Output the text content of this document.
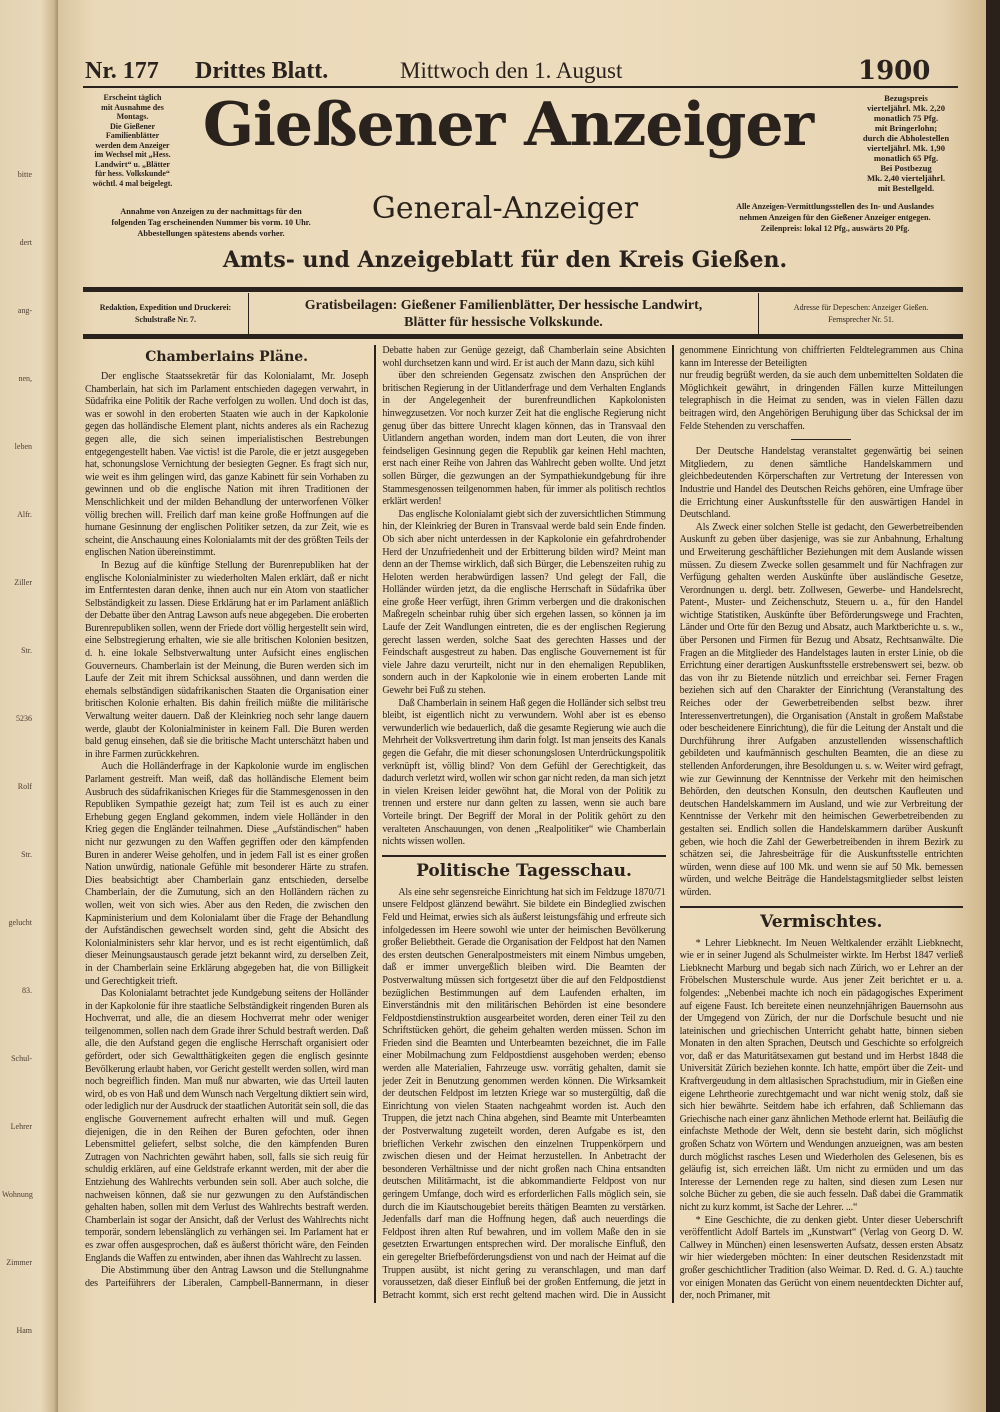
bitte
dert
ang-
nen,
leben
Alfr.
Ziller
Str.
5236
Rolf
Str.
gelucht
83.
Schul-
Lehrer
Wohnung
Zimmer
Ham
Nr. 177 Drittes Blatt.	Mittwoch den 1. August	1900
Erscheint täglich
mit Ausnahme des
Montags.
Die Gießener
Familienblätter
werden dem Anzeiger
im Wechsel mit „Hess.
Landwirt“ u. „Blätter
für hess. Volkskunde“
wöchtl. 4 mal beigelegt.
Annahme von Anzeigen zu der nachmittags für den
folgenden Tag erscheinenden Nummer bis vorm. 10 Uhr.
Abbestellungen spätestens abends vorher.
Gießener Anzeiger
General-Anzeiger
Bezugspreis
vierteljährl. Mk. 2,20
monatlich 75 Pfg.
mit Bringerlohn;
durch die Abholestellen
vierteljährl. Mk. 1,90
monatlich 65 Pfg.
Bei Postbezug
Mk. 2,40 vierteljährl.
mit Bestellgeld.
Alle Anzeigen-Vermittlungsstellen des In- und Auslandes
nehmen Anzeigen für den Gießener Anzeiger entgegen.
Zeilenpreis: lokal 12 Pfg., auswärts 20 Pfg.
Amts- und Anzeigeblatt für den Kreis Gießen.
Redaktion, Expedition und Druckerei:
Schulstraße Nr. 7.
Gratisbeilagen: Gießener Familienblätter, Der hessische Landwirt,
Blätter für hessische Volkskunde.
Adresse für Depeschen: Anzeiger Gießen.
Fernsprecher Nr. 51.
Chamberlains Pläne.

Der englische Staatssekretär für das Kolonialamt, Mr. Joseph Chamberlain, hat sich im Parlament entschieden dagegen verwahrt, in Südafrika eine Politik der Rache verfolgen zu wollen. Und doch ist das, was er sowohl in den eroberten Staaten wie auch in der Kapkolonie gegen das holländische Element plant, nichts anderes als ein Rachezug gegen alle, die sich seinen imperialistischen Bestrebungen entgegengestellt haben. Vae victis! ist die Parole, die er jetzt ausgegeben hat, schonungslose Vernichtung der besiegten Gegner. Es fragt sich nur, wie weit es ihm gelingen wird, das ganze Kabinett für sein Vorhaben zu gewinnen und ob die englische Nation mit ihren Traditionen der Menschlichkeit und der milden Behandlung der unterworfenen Völker völlig brechen will. Freilich darf man keine große Hoffnungen auf die humane Gesinnung der englischen Politiker setzen, da zur Zeit, wie es scheint, die Anschauung eines Kolonialamts mit der des größten Teils der englischen Nation übereinstimmt.

In Bezug auf die künftige Stellung der Burenrepubliken hat der englische Kolonialminister zu wiederholten Malen erklärt, daß er nicht im Entferntesten daran denke, ihnen auch nur ein Atom von staatlicher Selbständigkeit zu lassen. Diese Erklärung hat er im Parlament anläßlich der Debatte über den Antrag Lawson aufs neue abgegeben. Die eroberten Burenrepubliken sollen, wenn der Friede dort völlig hergestellt sein wird, eine Selbstregierung erhalten, wie sie alle britischen Kolonien besitzen, d. h. eine lokale Selbstverwaltung unter Aufsicht eines englischen Gouverneurs. Chamberlain ist der Meinung, die Buren werden sich im Laufe der Zeit mit ihrem Schicksal aussöhnen, und dann werden die ehemals selbständigen südafrikanischen Staaten die Organisation einer britischen Kolonie erhalten. Bis dahin freilich müßte die militärische Verwaltung weiter dauern. Daß der Kleinkrieg noch sehr lange dauern werde, glaubt der Kolonialminister in keinem Fall. Die Buren werden bald genug einsehen, daß sie die britische Macht unterschätzt haben und in ihre Farmen zurückkehren.

Auch die Holländerfrage in der Kapkolonie wurde im englischen Parlament gestreift. Man weiß, daß das holländische Element beim Ausbruch des südafrikanischen Krieges für die Stammesgenossen in den Republiken Sympathie gezeigt hat; zum Teil ist es auch zu einer Erhebung gegen England gekommen, indem viele Holländer in den Krieg gegen die Engländer teilnahmen. Diese „Aufständischen“ haben nicht nur gezwungen zu den Waffen gegriffen oder den kämpfenden Buren in anderer Weise geholfen, und in jedem Fall ist es einer großen Nation unwürdig, nationale Gefühle mit besonderer Härte zu strafen. Dies beabsichtigt aber Chamberlain ganz entschieden, derselbe Chamberlain, der die Zumutung, sich an den Holländern rächen zu wollen, weit von sich wies. Aber aus den Reden, die zwischen den Kapministerium und dem Kolonialamt über die Frage der Behandlung der Aufständischen gewechselt worden sind, geht die Absicht des Kolonialministers sehr klar hervor, und es ist recht eigentümlich, daß dieser Meinungsaustausch gerade jetzt bekannt wird, zu derselben Zeit, in der Chamberlain seine Erklärung abgegeben hat, die von Billigkeit und Gerechtigkeit trieft.

Das Kolonialamt betrachtet jede Kundgebung seitens der Holländer in der Kapkolonie für ihre staatliche Selbständigkeit ringenden Buren als Hochverrat, und alle, die an diesem Hochverrat mehr oder weniger teilgenommen, sollen nach dem Grade ihrer Schuld bestraft werden. Daß alle, die den Aufstand gegen die englische Herrschaft organisiert oder gefördert, oder sich Gewaltthätigkeiten gegen die englisch gesinnte Bevölkerung erlaubt haben, vor Gericht gestellt werden sollen, wird man noch begreiflich finden. Man muß nur abwarten, wie das Urteil lauten wird, ob es von Haß und dem Wunsch nach Vergeltung diktiert sein wird, oder lediglich nur der Ausdruck der staatlichen Autorität sein soll, die das englische Gouvernement aufrecht erhalten will und muß. Gegen diejenigen, die in den Reihen der Buren gefochten, oder ihnen Lebensmittel geliefert, selbst solche, die den kämpfenden Buren Zutragen von Nachrichten gewährt haben, soll, falls sie sich reuig für schuldig erklären, auf eine Geldstrafe erkannt werden, mit der aber die Entziehung des Wahlrechts verbunden sein soll. Aber auch solche, die nachweisen können, daß sie nur gezwungen zu den Aufständischen gehalten haben, sollen mit dem Verlust des Wahlrechts bestraft werden. Chamberlain ist sogar der Ansicht, daß der Verlust des Wahlrechts nicht temporär, sondern lebenslänglich zu verhängen sei. Im Parlament hat er es zwar offen ausgesprochen, daß es äußerst thöricht wäre, den Feinden Englands die Waffen zu entwinden, aber ihnen das Wahlrecht zu lassen.

Die Abstimmung über den Antrag Lawson und die Stellungnahme des Parteiführers der Liberalen, Campbell-Bannermann, in dieser Debatte haben zur Genüge gezeigt, daß Chamberlain seine Absichten wohl durchsetzen kann und wird. Er ist auch der Mann dazu, sich kühl

über den schreienden Gegensatz zwischen den Ansprüchen der britischen Regierung in der Uitlanderfrage und dem Verhalten Englands in der Angelegenheit der burenfreundlichen Kapkolonisten hinwegzusetzen. Vor noch kurzer Zeit hat die englische Regierung nicht genug über das bittere Unrecht klagen können, das in Transvaal den Uitlandern angethan worden, indem man dort Leuten, die von ihrer feindseligen Gesinnung gegen die Republik gar keinen Hehl machten, erst nach einer Reihe von Jahren das Wahlrecht geben wollte. Und jetzt sollen Bürger, die gezwungen an der Sympathiekundgebung für ihre Stammesgenossen teilgenommen haben, für immer als politisch rechtlos erklärt werden!

Das englische Kolonialamt giebt sich der zuversichtlichen Stimmung hin, der Kleinkrieg der Buren in Transvaal werde bald sein Ende finden. Ob sich aber nicht unterdessen in der Kapkolonie ein gefahrdrohender Herd der Unzufriedenheit und der Erbitterung bilden wird? Meint man denn an der Themse wirklich, daß sich Bürger, die Lebenszeiten ruhig zu Heloten werden herabwürdigen lassen? Und gelegt der Fall, die Holländer würden jetzt, da die englische Herrschaft in Südafrika über eine große Heer verfügt, ihren Grimm verbergen und die drakonischen Maßregeln scheinbar ruhig über sich ergehen lassen, so können ja im Laufe der Zeit Wandlungen eintreten, die es der englischen Regierung gerecht lassen werden, solche Saat des gerechten Hasses und der Feindschaft ausgestreut zu haben. Das englische Gouvernement ist für viele Jahre dazu verurteilt, nicht nur in den ehemaligen Republiken, sondern auch in der Kapkolonie wie in einem eroberten Lande mit Gewehr bei Fuß zu stehen.

Daß Chamberlain in seinem Haß gegen die Holländer sich selbst treu bleibt, ist eigentlich nicht zu verwundern. Wohl aber ist es ebenso verwunderlich wie bedauerlich, daß die gesamte Regierung wie auch die Mehrheit der Volksvertretung ihm darin folgt. Ist man jenseits des Kanals gegen die Gefahr, die mit dieser schonungslosen Unterdrückungspolitik verknüpft ist, völlig blind? Von dem Gefühl der Gerechtigkeit, das dadurch verletzt wird, wollen wir schon gar nicht reden, da man sich jetzt in vielen Kreisen leider gewöhnt hat, die Moral von der Politik zu trennen und erstere nur dann gelten zu lassen, wenn sie auch bare Vorteile bringt. Der Begriff der Moral in der Politik gehört zu den veralteten Anschauungen, von denen „Realpolitiker“ wie Chamberlain nichts wissen wollen.

Politische Tagesschau.

Als eine sehr segensreiche Einrichtung hat sich im Feldzuge 1870/71 unsere Feldpost glänzend bewährt. Sie bildete ein Bindeglied zwischen Feld und Heimat, erwies sich als äußerst leistungsfähig und erfreute sich infolgedessen im Heere sowohl wie unter der heimischen Bevölkerung großer Beliebtheit. Gerade die Organisation der Feldpost hat den Namen des ersten deutschen Generalpostmeisters mit einem Nimbus umgeben, daß er immer unvergeßlich bleiben wird. Die Beamten der Postverwaltung müssen sich fortgesetzt über die auf den Feldpostdienst bezüglichen Bestimmungen auf dem Laufenden erhalten, im Einverständnis mit den militärischen Behörden ist eine besondere Feldpostdienstinstruktion ausgearbeitet worden, deren einer Teil zu den Schriftstücken gehört, die geheim gehalten werden müssen. Schon im Frieden sind die Beamten und Unterbeamten bezeichnet, die im Falle einer Mobilmachung zum Feldpostdienst ausgehoben werden; ebenso werden alle Materialien, Fahrzeuge usw. vorrätig gehalten, damit sie jeder Zeit in Benutzung genommen werden können. Die Wirksamkeit der deutschen Feldpost im letzten Kriege war so mustergültig, daß die Einrichtung von vielen Staaten nachgeahmt worden ist. Auch den Truppen, die jetzt nach China abgehen, sind Beamte mit Unterbeamten der Postverwaltung zugeteilt worden, deren Aufgabe es ist, den brieflichen Verkehr zwischen den einzelnen Truppenkörpern und zwischen diesen und der Heimat herzustellen. In Anbetracht der besonderen Verhältnisse und der nicht großen nach China entsandten deutschen Militärmacht, ist die abkommandierte Feldpost von nur geringem Umfange, doch wird es erforderlichen Falls möglich sein, sie durch die im Kiautschougebiet bereits thätigen Beamten zu verstärken. Jedenfalls darf man die Hoffnung hegen, daß auch neuerdings die Feldpost ihren alten Ruf bewahren, und im vollem Maße den in sie gesetzten Erwartungen entsprechen wird. Der moralische Einfluß, den ein geregelter Briefbeförderungsdienst von und nach der Heimat auf die Truppen ausübt, ist nicht gering zu veranschlagen, und man darf voraussetzen, daß dieser Einfluß bei der großen Entfernung, die jetzt in Betracht kommt, sich erst recht geltend machen wird. Die in Aussicht genommene Einrichtung von chiffrierten Feldtelegrammen aus China kann im Interesse der Beteiligten

nur freudig begrüßt werden, da sie auch dem unbemittelten Soldaten die Möglichkeit gewährt, in dringenden Fällen kurze Mitteilungen telegraphisch in die Heimat zu senden, was in vielen Fällen dazu beitragen wird, den Angehörigen Beruhigung über das Schicksal der im Felde Stehenden zu verschaffen.

Der Deutsche Handelstag veranstaltet gegenwärtig bei seinen Mitgliedern, zu denen sämtliche Handelskammern und gleichbedeutenden Körperschaften zur Vertretung der Interessen von Industrie und Handel des Deutschen Reichs gehören, eine Umfrage über die Errichtung einer Auskunftsstelle für den auswärtigen Handel in Deutschland.

Als Zweck einer solchen Stelle ist gedacht, den Gewerbetreibenden Auskunft zu geben über dasjenige, was sie zur Anbahnung, Erhaltung und Erweiterung geschäftlicher Beziehungen mit dem Auslande wissen müssen. Zu diesem Zwecke sollen gesammelt und für Nachfragen zur Verfügung gehalten werden Auskünfte über ausländische Gesetze, Verordnungen u. dergl. betr. Zollwesen, Gewerbe- und Handelsrecht, Patent-, Muster- und Zeichenschutz, Steuern u. a., für den Handel wichtige Statistiken, Auskünfte über Beförderungswege und Frachten, Länder und Orte für den Bezug und Absatz, auch Marktberichte u. s. w., über Personen und Firmen für Bezug und Absatz, Rechtsanwälte. Die Fragen an die Mitglieder des Handelstages lauten in erster Linie, ob die Errichtung einer derartigen Auskunftsstelle erstrebenswert sei, bezw. ob das von ihr zu Bietende nützlich und erreichbar sei. Ferner Fragen beziehen sich auf den Charakter der Einrichtung (Veranstaltung des Reiches oder der Gewerbetreibenden selbst bezw. ihrer Interessenvertretungen), die Organisation (Anstalt in großem Maßstabe oder bescheidenere Einrichtung), die für die Leitung der Anstalt und die Durchführung ihrer Aufgaben anzustellenden wissenschaftlich gebildeten und kaufmännisch geschulten Beamten, die an diese zu stellenden Anforderungen, ihre Besoldungen u. s. w. Weiter wird gefragt, wie zur Gewinnung der Kenntnisse der Verkehr mit den heimischen Behörden, den deutschen Konsuln, den deutschen Kaufleuten und deutschen Handelskammern im Ausland, und wie zur Verbreitung der Kenntnisse der Verkehr mit den heimischen Gewerbetreibenden zu gestalten sei. Endlich sollen die Handelskammern darüber Auskunft geben, wie hoch die Zahl der Gewerbetreibenden in ihrem Bezirk zu schätzen sei, die Jahresbeiträge für die Auskunftsstelle entrichten würden, wenn diese auf 100 Mk. und wenn sie auf 50 Mk. bemessen würden, und welche Beiträge die Handelstagsmitglieder selbst leisten würden.

Vermischtes.

* Lehrer Liebknecht. Im Neuen Weltkalender erzählt Liebknecht, wie er in seiner Jugend als Schulmeister wirkte. Im Herbst 1847 verließ Liebknecht Marburg und begab sich nach Zürich, wo er Lehrer an der Fröbelschen Musterschule wurde. Aus jener Zeit berichtet er u. a. folgendes: „Nebenbei machte ich noch ein pädagogisches Experiment auf eigene Faust. Ich bereitete einen neunzehnjährigen Bauernsohn aus der Umgegend von Zürich, der nur die Dorfschule besucht und nie lateinischen und griechischen Unterricht gehabt hatte, binnen sieben Monaten in den alten Sprachen, Deutsch und Geschichte so erfolgreich vor, daß er das Maturitätsexamen gut bestand und im Herbst 1848 die Universität Zürich beziehen konnte. Ich hatte, empört über die Zeit- und Kraftvergeudung in dem altlasischen Sprachstudium, mir in Gießen eine eigene Lehrtheorie zurechtgemacht und war nicht wenig stolz, daß sie sich hier bewährte. Seitdem habe ich erfahren, daß Schliemann das Griechische nach einer ganz ähnlichen Methode erlernt hat. Beiläufig die einfachste Methode der Welt, denn sie besteht darin, sich möglichst großen Schatz von Wörtern und Wendungen anzueignen, was am besten durch möglichst rasches Lesen und Wiederholen des Gelesenen, bis es geläufig ist, sich erreichen läßt. Um nicht zu ermüden und um das Interesse der Lernenden rege zu halten, sind diesen zum Lesen nur solche Bücher zu geben, die sie auch fesseln. Daß dabei die Grammatik nicht zu kurz kommt, ist Sache der Lehrer. ...“

* Eine Geschichte, die zu denken giebt. Unter dieser Ueberschrift veröffentlicht Adolf Bartels im „Kunstwart“ (Verlag von Georg D. W. Callwey in München) einen lesenswerten Aufsatz, dessen ersten Absatz wir hier wiedergeben möchten: In einer deutschen Residenzstadt mit großer geschichtlicher Tradition (also Weimar. D. Red. d. G. A.) tauchte vor einigen Monaten das Gerücht von einem neuentdeckten Dichter auf, der, noch Primaner, mit
